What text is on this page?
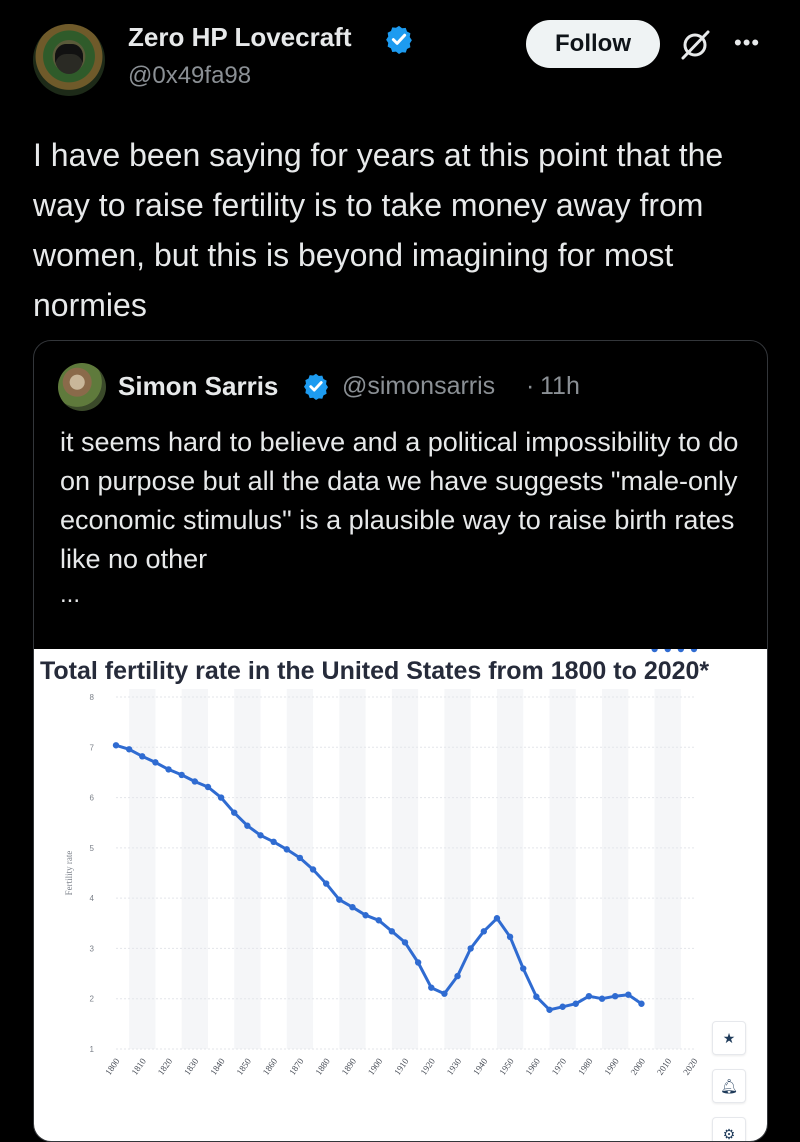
Zero HP Lovecraft
@0x49fa98
Follow	•••

I have been saying for years at this point that the way to raise fertility is to take money away from women, but this is beyond imagining for most normies

Simon Sarris	@simonsarris · 11h

it seems hard to believe and a political impossibility to do on purpose but all the data we have suggests "male-only economic stimulus" is a plausible way to raise birth rates like no other

...
Total fertility rate in the United States from 1800 to 2020*
1
2
3
4
5
6
7
8
Fertility rate
1800 1810 1820 1830 1840 1850 1860 1870 1880 1890 1900 1910 1920 1930 1940 1950 1960 1970 1980 1990 2000 2010 2020
★
🔔︎
⚙
